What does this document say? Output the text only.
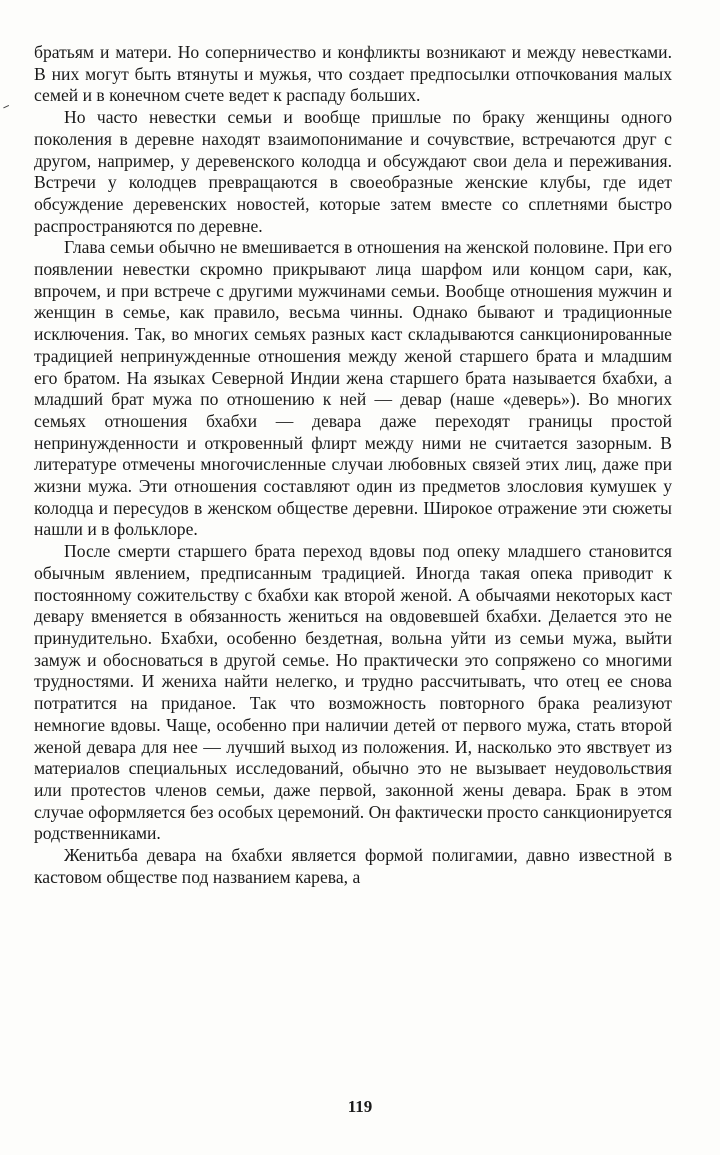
братьям и матери. Но соперничество и конфликты возникают и между невестками. В них могут быть втянуты и мужья, что создает предпосылки отпочкования малых семей и в конечном счете ведет к распаду больших.

Но часто невестки семьи и вообще пришлые по браку женщины одного поколения в деревне находят взаимопонимание и сочувствие, встречаются друг с другом, например, у деревенского колодца и обсуждают свои дела и переживания. Встречи у колодцев превращаются в своеобразные женские клубы, где идет обсуждение деревенских новостей, которые затем вместе со сплетнями быстро распространяются по деревне.

Глава семьи обычно не вмешивается в отношения на женской половине. При его появлении невестки скромно прикрывают лица шарфом или концом сари, как, впрочем, и при встрече с другими мужчинами семьи. Вообще отношения мужчин и женщин в семье, как правило, весьма чинны. Однако бывают и традиционные исключения. Так, во многих семьях разных каст складываются санкционированные традицией непринужденные отношения между женой старшего брата и младшим его братом. На языках Северной Индии жена старшего брата называется бхабхи, а младший брат мужа по отношению к ней — девар (наше «деверь»). Во многих семьях отношения бхабхи — девара даже переходят границы простой непринужденности и откровенный флирт между ними не считается зазорным. В литературе отмечены многочисленные случаи любовных связей этих лиц, даже при жизни мужа. Эти отношения составляют один из предметов злословия кумушек у колодца и пересудов в женском обществе деревни. Широкое отражение эти сюжеты нашли и в фольклоре.

После смерти старшего брата переход вдовы под опеку младшего становится обычным явлением, предписанным традицией. Иногда такая опека приводит к постоянному сожительству с бхабхи как второй женой. А обычаями некоторых каст девару вменяется в обязанность жениться на овдовевшей бхабхи. Делается это не принудительно. Бхабхи, особенно бездетная, вольна уйти из семьи мужа, выйти замуж и обосноваться в другой семье. Но практически это сопряжено со многими трудностями. И жениха найти нелегко, и трудно рассчитывать, что отец ее снова потратится на приданое. Так что возможность повторного брака реализуют немногие вдовы. Чаще, особенно при наличии детей от первого мужа, стать второй женой девара для нее — лучший выход из положения. И, насколько это явствует из материалов специальных исследований, обычно это не вызывает неудовольствия или протестов членов семьи, даже первой, законной жены девара. Брак в этом случае оформляется без особых церемоний. Он фактически просто санкционируется родственниками.

Женитьба девара на бхабхи является формой полигамии, давно известной в кастовом обществе под названием карева, а

119
